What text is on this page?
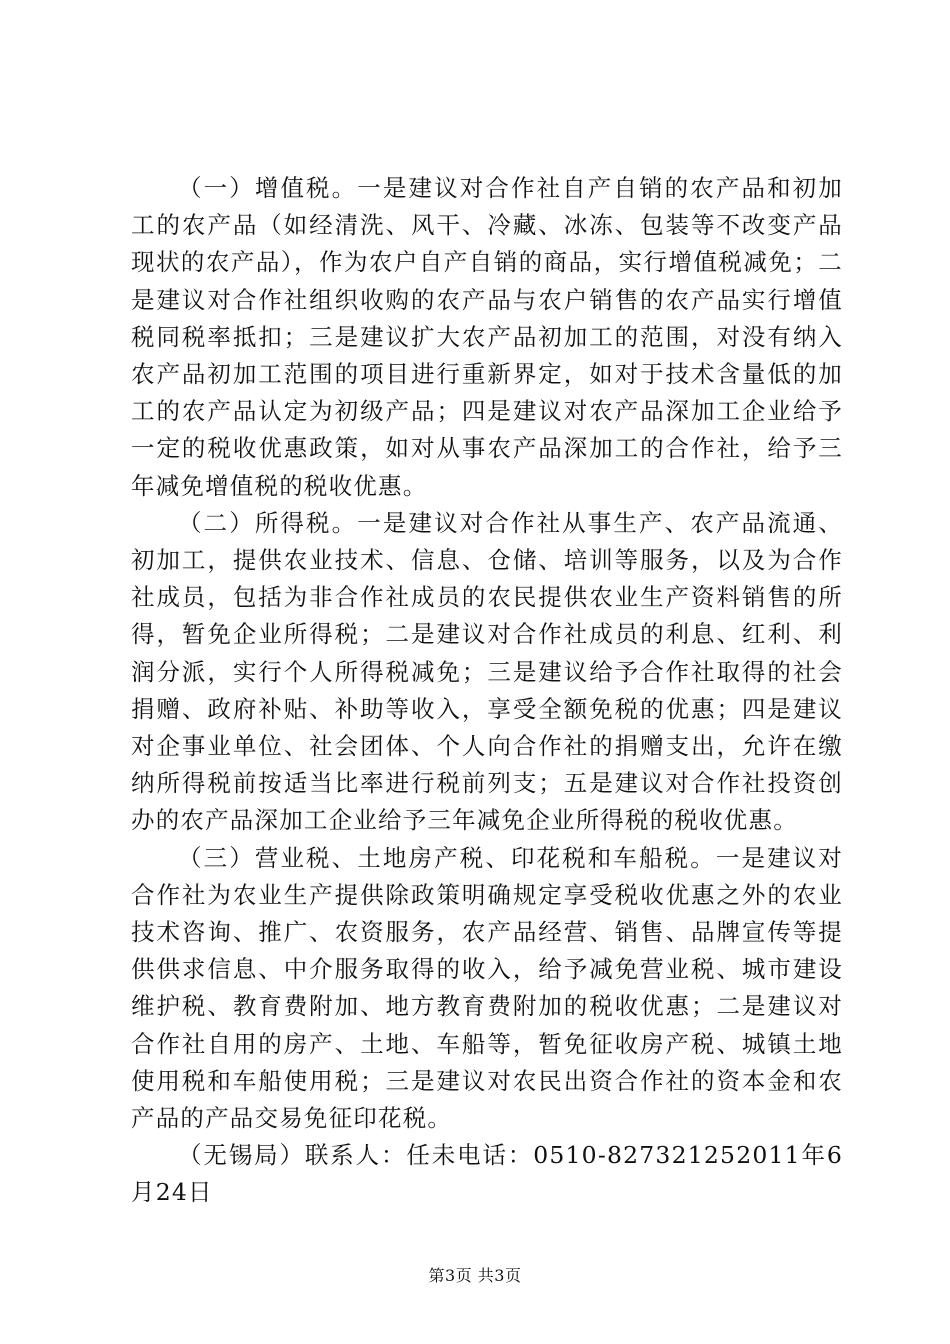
（一）增值税。一是建议对合作社自产自销的农产品和初加工的农产品（如经清洗、风干、冷藏、冰冻、包装等不改变产品现状的农产品），作为农户自产自销的商品，实行增值税减免；二是建议对合作社组织收购的农产品与农户销售的农产品实行增值税同税率抵扣；三是建议扩大农产品初加工的范围，对没有纳入农产品初加工范围的项目进行重新界定，如对于技术含量低的加工的农产品认定为初级产品；四是建议对农产品深加工企业给予一定的税收优惠政策，如对从事农产品深加工的合作社，给予三年减免增值税的税收优惠。

（二）所得税。一是建议对合作社从事生产、农产品流通、初加工，提供农业技术、信息、仓储、培训等服务，以及为合作社成员，包括为非合作社成员的农民提供农业生产资料销售的所得，暂免企业所得税；二是建议对合作社成员的利息、红利、利润分派，实行个人所得税减免；三是建议给予合作社取得的社会捐赠、政府补贴、补助等收入，享受全额免税的优惠；四是建议对企事业单位、社会团体、个人向合作社的捐赠支出，允许在缴纳所得税前按适当比率进行税前列支；五是建议对合作社投资创办的农产品深加工企业给予三年减免企业所得税的税收优惠。

（三）营业税、土地房产税、印花税和车船税。一是建议对合作社为农业生产提供除政策明确规定享受税收优惠之外的农业技术咨询、推广、农资服务，农产品经营、销售、品牌宣传等提供供求信息、中介服务取得的收入，给予减免营业税、城市建设维护税、教育费附加、地方教育费附加的税收优惠；二是建议对合作社自用的房产、土地、车船等，暂免征收房产税、城镇土地使用税和车船使用税；三是建议对农民出资合作社的资本金和农产品的产品交易免征印花税。

（无锡局）联系人：任未电话：0510-827321252011年6月24日

第3页 共3页
